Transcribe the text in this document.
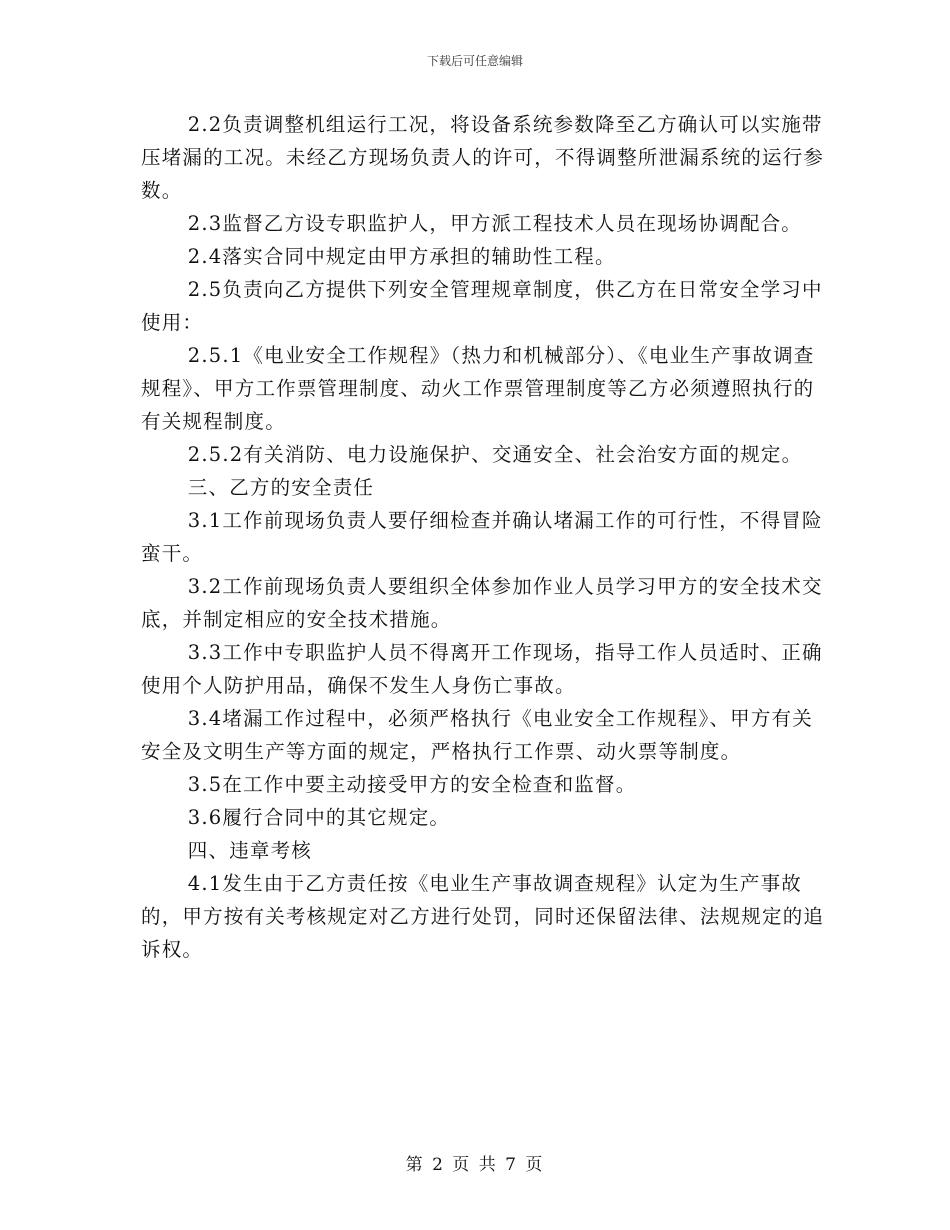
下载后可任意编辑

2.2负责调整机组运行工况，将设备系统参数降至乙方确认可以实施带压堵漏的工况。未经乙方现场负责人的许可，不得调整所泄漏系统的运行参数。

2.3监督乙方设专职监护人，甲方派工程技术人员在现场协调配合。

2.4落实合同中规定由甲方承担的辅助性工程。

2.5负责向乙方提供下列安全管理规章制度，供乙方在日常安全学习中使用：

2.5.1《电业安全工作规程》（热力和机械部分）、《电业生产事故调查规程》、甲方工作票管理制度、动火工作票管理制度等乙方必须遵照执行的有关规程制度。

2.5.2有关消防、电力设施保护、交通安全、社会治安方面的规定。

三、乙方的安全责任

3.1工作前现场负责人要仔细检查并确认堵漏工作的可行性，不得冒险蛮干。

3.2工作前现场负责人要组织全体参加作业人员学习甲方的安全技术交底，并制定相应的安全技术措施。

3.3工作中专职监护人员不得离开工作现场，指导工作人员适时、正确使用个人防护用品，确保不发生人身伤亡事故。

3.4堵漏工作过程中，必须严格执行《电业安全工作规程》、甲方有关安全及文明生产等方面的规定，严格执行工作票、动火票等制度。

3.5在工作中要主动接受甲方的安全检查和监督。

3.6履行合同中的其它规定。

四、违章考核

4.1发生由于乙方责任按《电业生产事故调查规程》认定为生产事故的，甲方按有关考核规定对乙方进行处罚，同时还保留法律、法规规定的追诉权。

第 2 页 共 7 页
